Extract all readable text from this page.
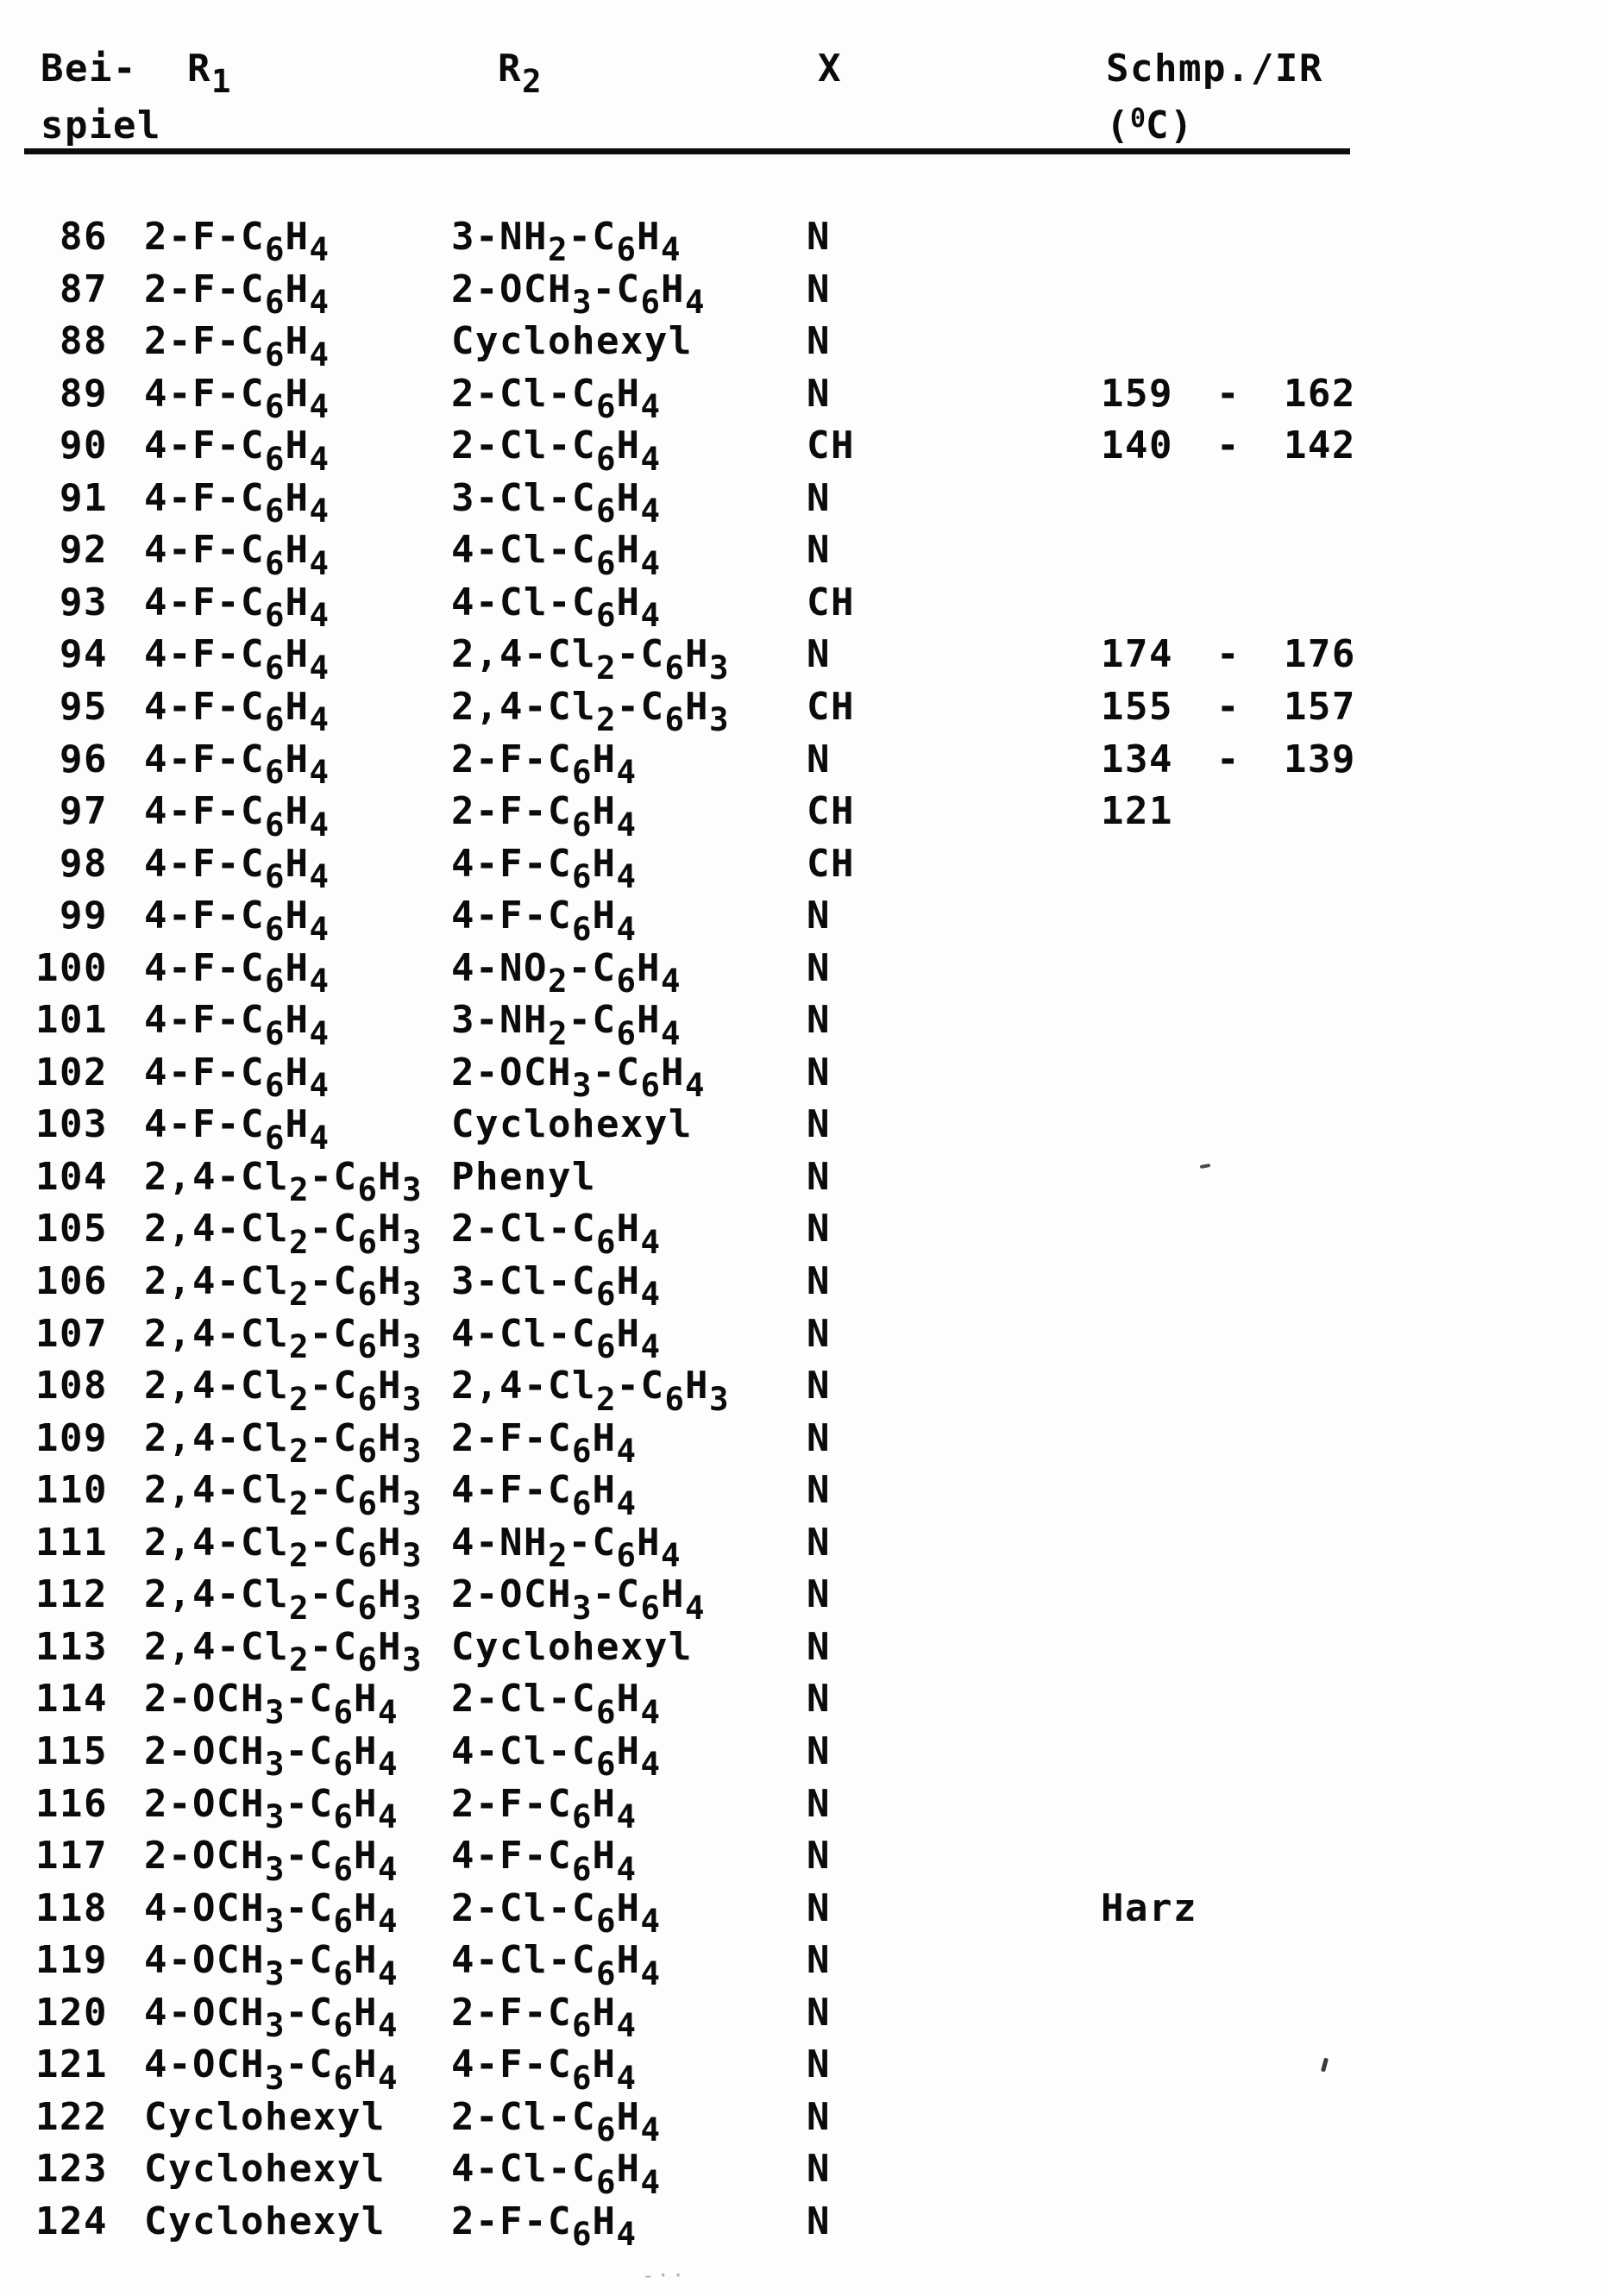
Bei- $R_1$	$R_2$	X	Schmp./IR
spiel	($^0$C)
86 $2-F-C_6H_4$	$3-NH_2-C_6H_4$	N
87 $2-F-C_6H_4$	$2-OCH_3-C_6H_4$	N
88 $2-F-C_6H_4$	Cyclohexyl	N
89 $4-F-C_6H_4$	$2-Cl-C_6H_4$	N	159 - 162
90 $4-F-C_6H_4$	$2-Cl-C_6H_4$	CH	140 - 142
91 $4-F-C_6H_4$	$3-Cl-C_6H_4$	N
92 $4-F-C_6H_4$	$4-Cl-C_6H_4$	N
93 $4-F-C_6H_4$	$4-Cl-C_6H_4$	CH
94 $4-F-C_6H_4$	$2,4-Cl_2-C_6H_3$ N	174 - 176
95 $4-F-C_6H_4$	$2,4-Cl_2-C_6H_3$ CH	155 - 157
96 $4-F-C_6H_4$	$2-F-C_6H_4$	N	134 - 139
97 $4-F-C_6H_4$	$2-F-C_6H_4$	CH	121
98 $4-F-C_6H_4$	$4-F-C_6H_4$	CH
99 $4-F-C_6H_4$	$4-F-C_6H_4$	N
100 $4-F-C_6H_4$	$4-NO_2-C_6H_4$	N
101 $4-F-C_6H_4$	$3-NH_2-C_6H_4$	N
102 $4-F-C_6H_4$	$2-OCH_3-C_6H_4$	N
103 $4-F-C_6H_4$	Cyclohexyl	N
104 $2,4-Cl_2-C_6H_3$ Phenyl	N
105 $2,4-Cl_2-C_6H_3$ $2-Cl-C_6H_4$	N
106 $2,4-Cl_2-C_6H_3$ $3-Cl-C_6H_4$	N
107 $2,4-Cl_2-C_6H_3$ $4-Cl-C_6H_4$	N
108 $2,4-Cl_2-C_6H_3$ $2,4-Cl_2-C_6H_3$ N
109 $2,4-Cl_2-C_6H_3$ $2-F-C_6H_4$	N
110 $2,4-Cl_2-C_6H_3$ $4-F-C_6H_4$	N
111 $2,4-Cl_2-C_6H_3$ $4-NH_2-C_6H_4$	N
112 $2,4-Cl_2-C_6H_3$ $2-OCH_3-C_6H_4$	N
113 $2,4-Cl_2-C_6H_3$ Cyclohexyl	N
114 $2-OCH_3-C_6H_4$ $2-Cl-C_6H_4$	N
115 $2-OCH_3-C_6H_4$ $4-Cl-C_6H_4$	N
116 $2-OCH_3-C_6H_4$ $2-F-C_6H_4$	N
117 $2-OCH_3-C_6H_4$ $4-F-C_6H_4$	N
118 $4-OCH_3-C_6H_4$ $2-Cl-C_6H_4$	N	Harz
119 $4-OCH_3-C_6H_4$ $4-Cl-C_6H_4$	N
120 $4-OCH_3-C_6H_4$ $2-F-C_6H_4$	N
121 $4-OCH_3-C_6H_4$ $4-F-C_6H_4$	N
122 Cyclohexyl $2-Cl-C_6H_4$	N
123 Cyclohexyl $4-Cl-C_6H_4$	N
124 Cyclohexyl $2-F-C_6H_4$	N
-··
